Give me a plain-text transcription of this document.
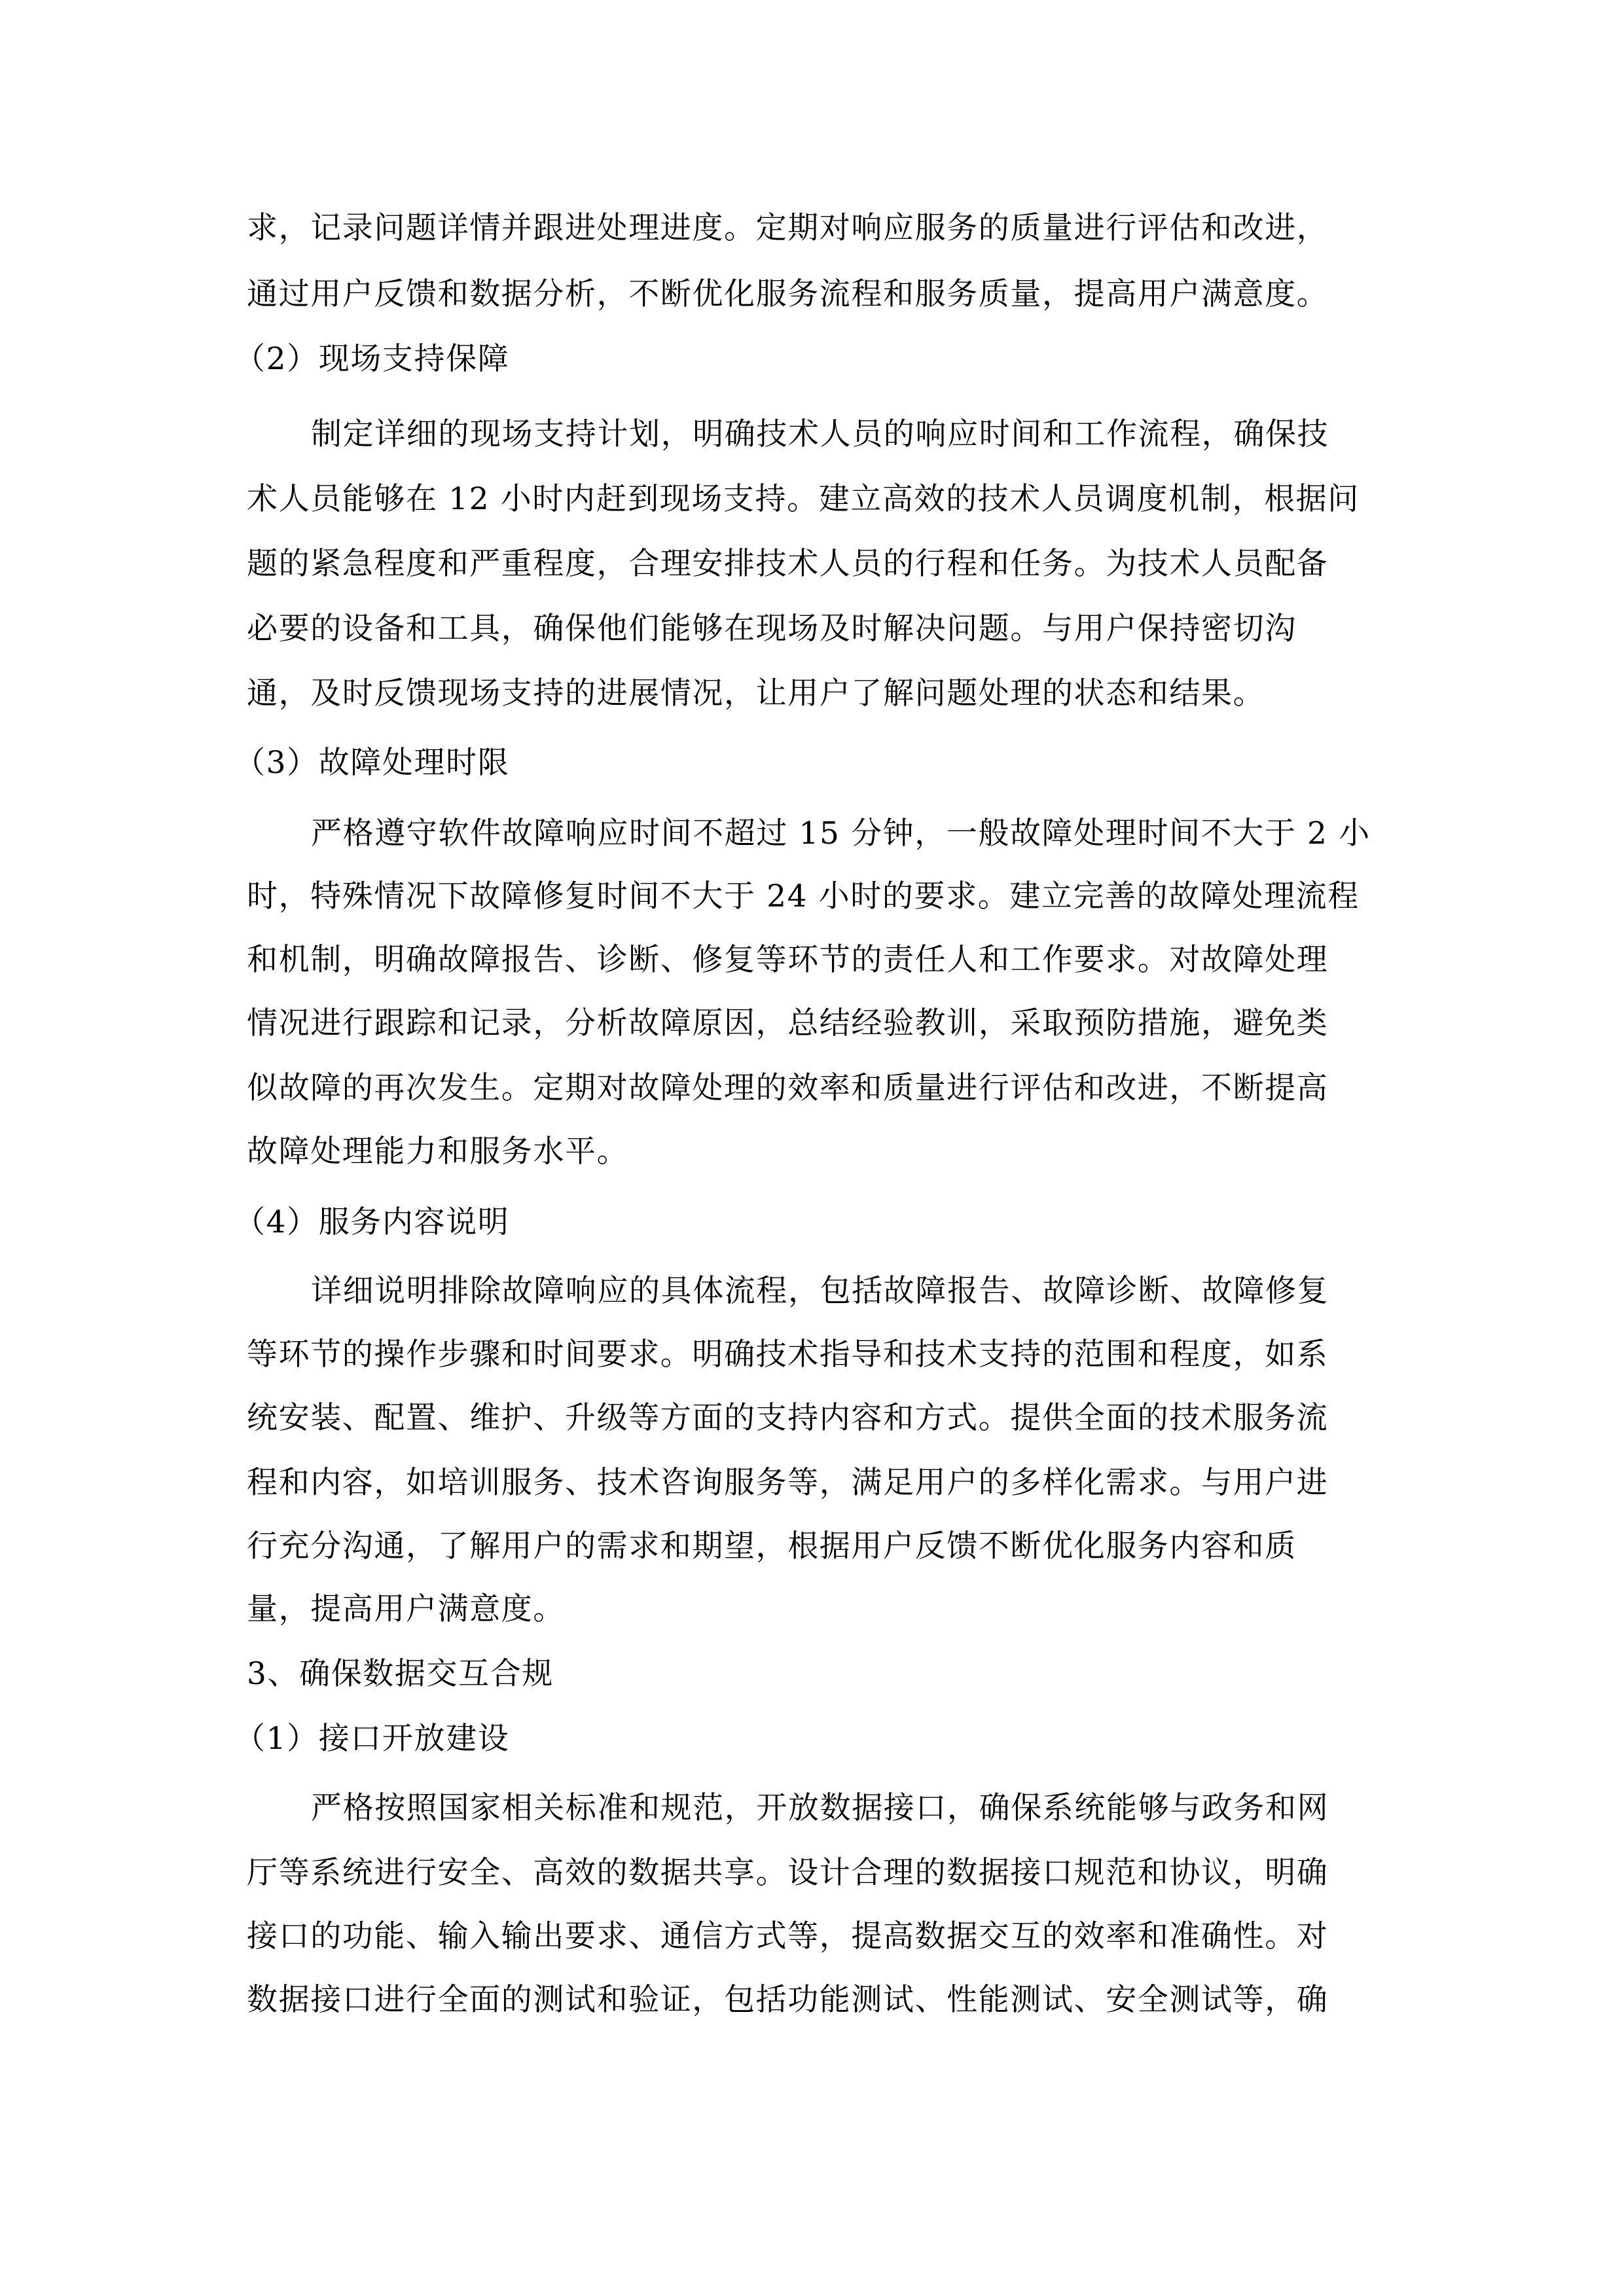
求，记录问题详情并跟进处理进度。定期对响应服务的质量进行评估和改进，
通过用户反馈和数据分析，不断优化服务流程和服务质量，提高用户满意度。
（2）现场支持保障
制定详细的现场支持计划，明确技术人员的响应时间和工作流程，确保技
术人员能够在 12 小时内赶到现场支持。建立高效的技术人员调度机制，根据问
题的紧急程度和严重程度，合理安排技术人员的行程和任务。为技术人员配备
必要的设备和工具，确保他们能够在现场及时解决问题。与用户保持密切沟
通，及时反馈现场支持的进展情况，让用户了解问题处理的状态和结果。
（3）故障处理时限
严格遵守软件故障响应时间不超过 15 分钟，一般故障处理时间不大于 2 小
时，特殊情况下故障修复时间不大于 24 小时的要求。建立完善的故障处理流程
和机制，明确故障报告、诊断、修复等环节的责任人和工作要求。对故障处理
情况进行跟踪和记录，分析故障原因，总结经验教训，采取预防措施，避免类
似故障的再次发生。定期对故障处理的效率和质量进行评估和改进，不断提高
故障处理能力和服务水平。
（4）服务内容说明
详细说明排除故障响应的具体流程，包括故障报告、故障诊断、故障修复
等环节的操作步骤和时间要求。明确技术指导和技术支持的范围和程度，如系
统安装、配置、维护、升级等方面的支持内容和方式。提供全面的技术服务流
程和内容，如培训服务、技术咨询服务等，满足用户的多样化需求。与用户进
行充分沟通，了解用户的需求和期望，根据用户反馈不断优化服务内容和质
量，提高用户满意度。
3、确保数据交互合规
（1）接口开放建设
严格按照国家相关标准和规范，开放数据接口，确保系统能够与政务和网
厅等系统进行安全、高效的数据共享。设计合理的数据接口规范和协议，明确
接口的功能、输入输出要求、通信方式等，提高数据交互的效率和准确性。对
数据接口进行全面的测试和验证，包括功能测试、性能测试、安全测试等，确
